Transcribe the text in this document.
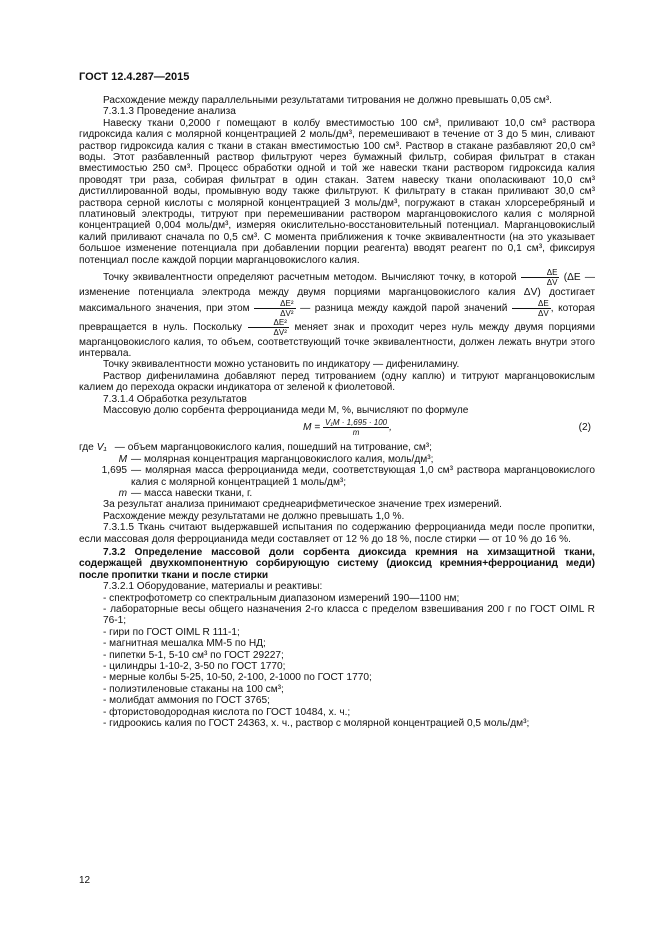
ГОСТ 12.4.287—2015

Расхождение между параллельными результатами титрования не должно превышать 0,05 см³.

7.3.1.3 Проведение анализа

Навеску ткани 0,2000 г помещают в колбу вместимостью 100 см³, приливают 10,0 см³ раствора гидроксида калия с молярной концентрацией 2 моль/дм³, перемешивают в течение от 3 до 5 мин, сливают раствор гидроксида калия с ткани в стакан вместимостью 100 см³. Раствор в стакане разбавляют 20,0 см³ воды. Этот разбавленный раствор фильтруют через бумажный фильтр, собирая фильтрат в стакан вместимостью 250 см³. Процесс обработки одной и той же навески ткани раствором гидроксида калия проводят три раза, собирая фильтрат в один стакан. Затем навеску ткани ополаскивают 10,0 см³ дистиллированной воды, промывную воду также фильтруют. К фильтрату в стакан приливают 30,0 см³ раствора серной кислоты с молярной концентрацией 3 моль/дм³, погружают в стакан хлорсеребряный и платиновый электроды, титруют при перемешивании раствором марганцовокислого калия с молярной концентрацией 0,004 моль/дм³, измеряя окислительно-восстановительный потенциал. Марганцовокислый калий приливают сначала по 0,5 см³. С момента приближения к точке эквивалентности (на это указывает большое изменение потенциала при добавлении порции реагента) вводят реагент по 0,1 см³, фиксируя потенциал после каждой порции марганцовокислого калия.

Точку эквивалентности определяют расчетным методом. Вычисляют точку, в которой $\frac{\Delta E}{\Delta V} (\Delta E$ — изменение потенциала электрода между двумя порциями марганцовокислого калия ΔV) достигает максимального значения, при этом $\frac{\text{ΔE²}}{\text{ΔV²}}$ — разница между каждой парой значений $\frac{\Delta E}{\Delta V}$ , которая превращается в нуль. Поскольку $\frac{\text{ΔE²}}{\text{ΔV²}}$ меняет знак и проходит через нуль между двумя порциями марганцовокислого калия, то объем, соответствующий точке эквивалентности, должен лежать внутри этого интервала.

Точку эквивалентности можно установить по индикатору — дифениламину.

Раствор дифениламина добавляют перед титрованием (одну каплю) и титруют марганцовокислым калием до перехода окраски индикатора от зеленой к фиолетовой.

7.3.1.4 Обработка результатов

Массовую долю сорбента ферроцианида меди M, %, вычисляют по формуле

$M = \frac{\text{V₁M · 1,695 · 100}}{m}$ ,	(2)
где V₁ — объем марганцовокислого калия, пошедший на титрование, см³;
M — молярная концентрация марганцовокислого калия, моль/дм³;
1,695 — молярная масса ферроцианида меди, соответствующая 1,0 см³ раствора марганцовокислого калия с молярной концентрацией 1 моль/дм³;
m — масса навески ткани, г.

За результат анализа принимают среднеарифметическое значение трех измерений.

Расхождение между результатами не должно превышать 1,0 %.

7.3.1.5 Ткань считают выдержавшей испытания по содержанию ферроцианида меди после пропитки, если массовая доля ферроцианида меди составляет от 12 % до 18 %, после стирки — от 10 % до 16 %.

7.3.2 Определение массовой доли сорбента диоксида кремния на химзащитной ткани, содержащей двухкомпонентную сорбирующую систему (диоксид кремния+ферроцианид меди) после пропитки ткани и после стирки

7.3.2.1 Оборудование, материалы и реактивы:

- спектрофотометр со спектральным диапазоном измерений 190—1100 нм;
- лабораторные весы общего назначения 2-го класса с пределом взвешивания 200 г по ГОСТ OIML R 76-1;
- гири по ГОСТ OIML R 111-1;
- магнитная мешалка ММ-5 по НД;
- пипетки 5-1, 5-10 см³ по ГОСТ 29227;
- цилиндры 1-10-2, 3-50 по ГОСТ 1770;
- мерные колбы 5-25, 10-50, 2-100, 2-1000 по ГОСТ 1770;
- полиэтиленовые стаканы на 100 см³;
- молибдат аммония по ГОСТ 3765;
- фтористоводородная кислота по ГОСТ 10484, х. ч.;
- гидроокись калия по ГОСТ 24363, х. ч., раствор с молярной концентрацией 0,5 моль/дм³;
12
